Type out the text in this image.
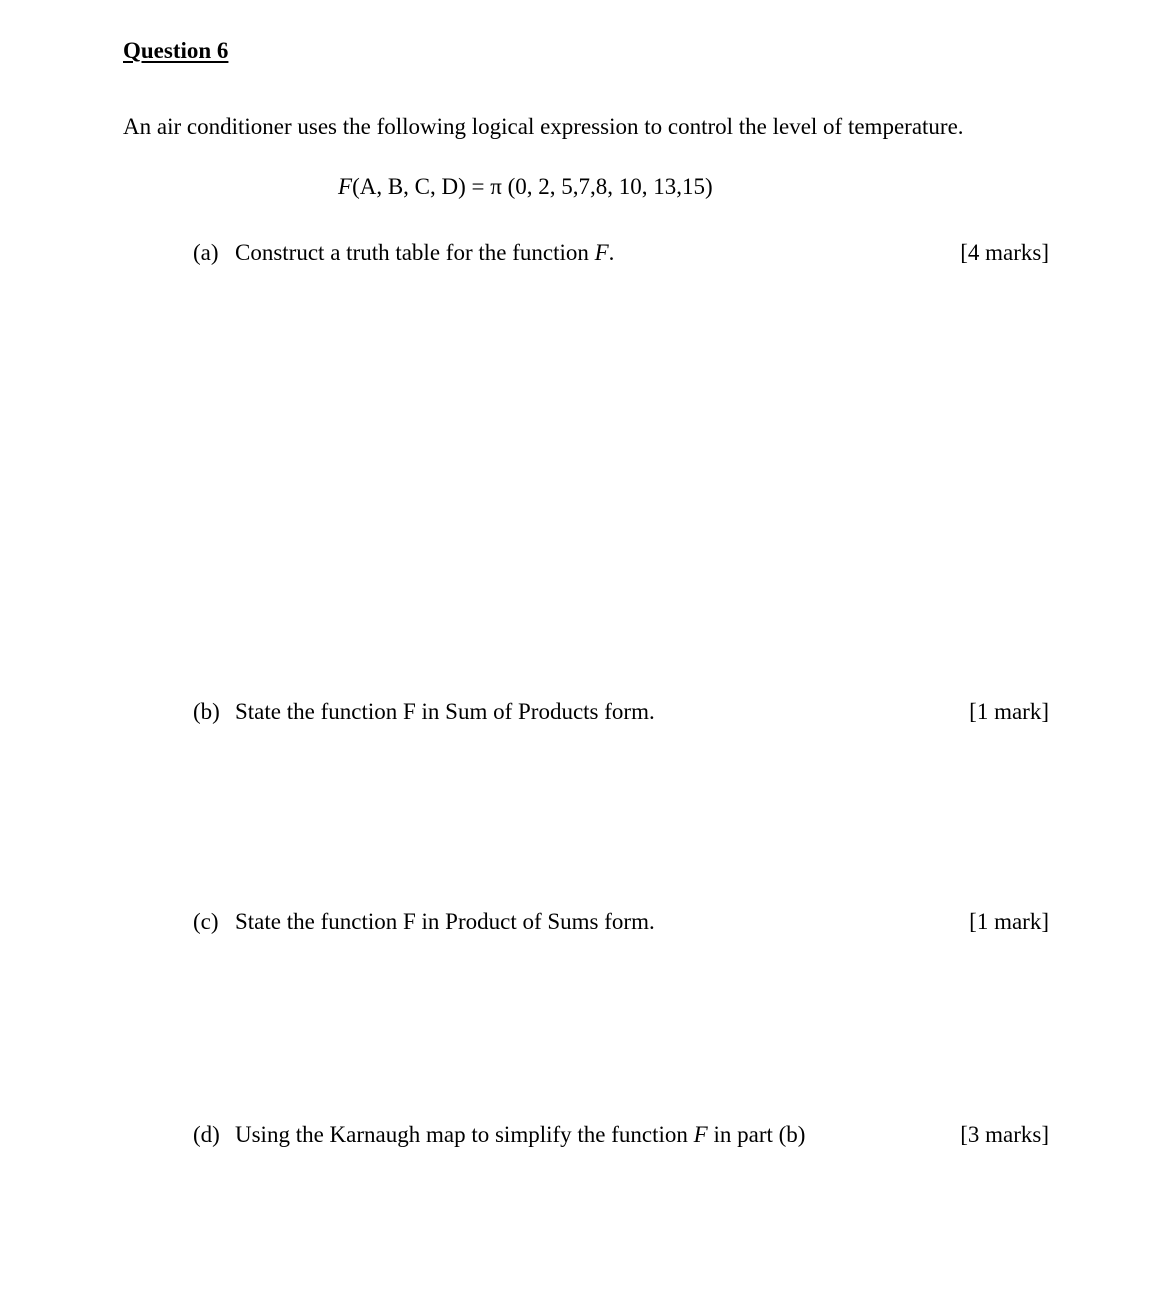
Question 6

An air conditioner uses the following logical expression to control the level of temperature.

F(A, B, C, D) = π (0, 2, 5,7,8, 10, 13,15)

(a) Construct a truth table for the function F.	[4 marks]
(b) State the function F in Sum of Products form.	[1 mark]
(c) State the function F in Product of Sums form.	[1 mark]
(d) Using the Karnaugh map to simplify the function F in part (b)	[3 marks]
